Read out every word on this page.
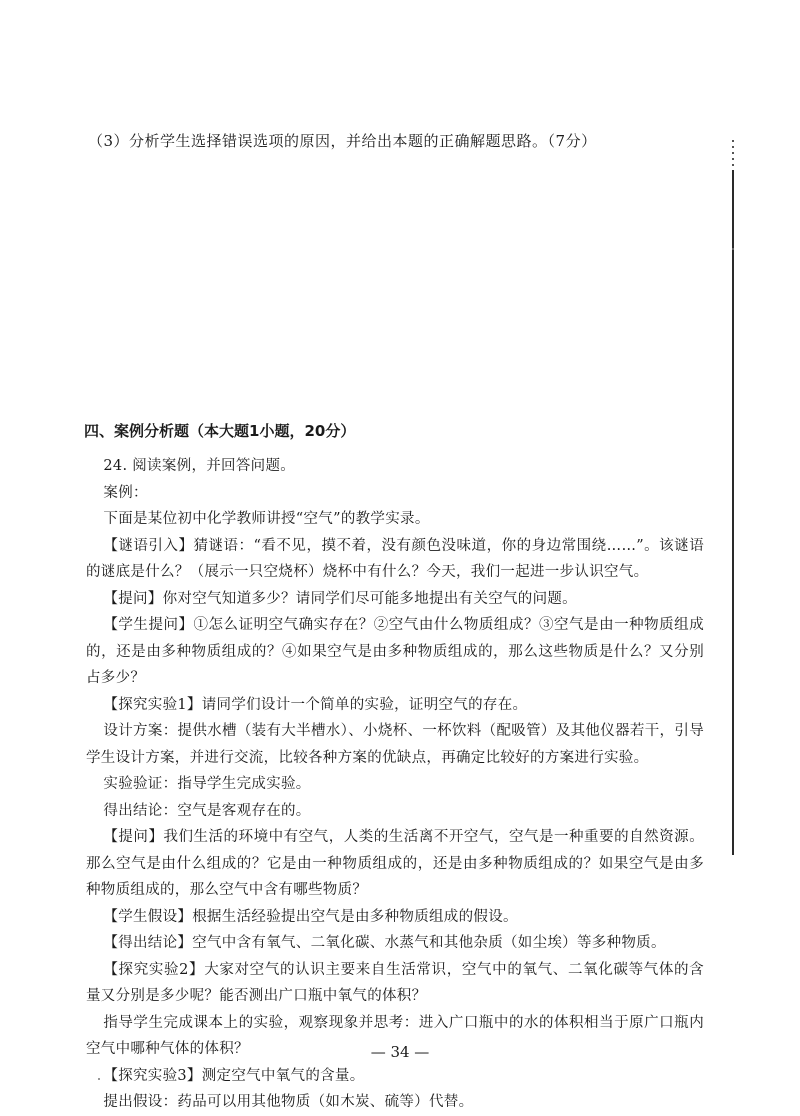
（3）分析学生选择错误选项的原因，并给出本题的正确解题思路。（7分）
四、案例分析题（本大题1小题，20分）

24. 阅读案例，并回答问题。

案例：

下面是某位初中化学教师讲授“空气”的教学实录。

【谜语引入】猜谜语：“看不见，摸不着，没有颜色没味道，你的身边常围绕……”。该谜语的谜底是什么？（展示一只空烧杯）烧杯中有什么？今天，我们一起进一步认识空气。

【提问】你对空气知道多少？请同学们尽可能多地提出有关空气的问题。

【学生提问】①怎么证明空气确实存在？②空气由什么物质组成？③空气是由一种物质组成的，还是由多种物质组成的？④如果空气是由多种物质组成的，那么这些物质是什么？又分别占多少？

【探究实验1】请同学们设计一个简单的实验，证明空气的存在。

设计方案：提供水槽（装有大半槽水）、小烧杯、一杯饮料（配吸管）及其他仪器若干，引导学生设计方案，并进行交流，比较各种方案的优缺点，再确定比较好的方案进行实验。

实验验证：指导学生完成实验。

得出结论：空气是客观存在的。

【提问】我们生活的环境中有空气，人类的生活离不开空气，空气是一种重要的自然资源。那么空气是由什么组成的？它是由一种物质组成的，还是由多种物质组成的？如果空气是由多种物质组成的，那么空气中含有哪些物质？

【学生假设】根据生活经验提出空气是由多种物质组成的假设。

【得出结论】空气中含有氧气、二氧化碳、水蒸气和其他杂质（如尘埃）等多种物质。

【探究实验2】大家对空气的认识主要来自生活常识，空气中的氧气、二氧化碳等气体的含量又分别是多少呢？能否测出广口瓶中氧气的体积？

指导学生完成课本上的实验，观察现象并思考：进入广口瓶中的水的体积相当于原广口瓶内空气中哪种气体的体积？

【探究实验3】测定空气中氧气的含量。

提出假设：药品可以用其他物质（如木炭、硫等）代替。

— 34 —
